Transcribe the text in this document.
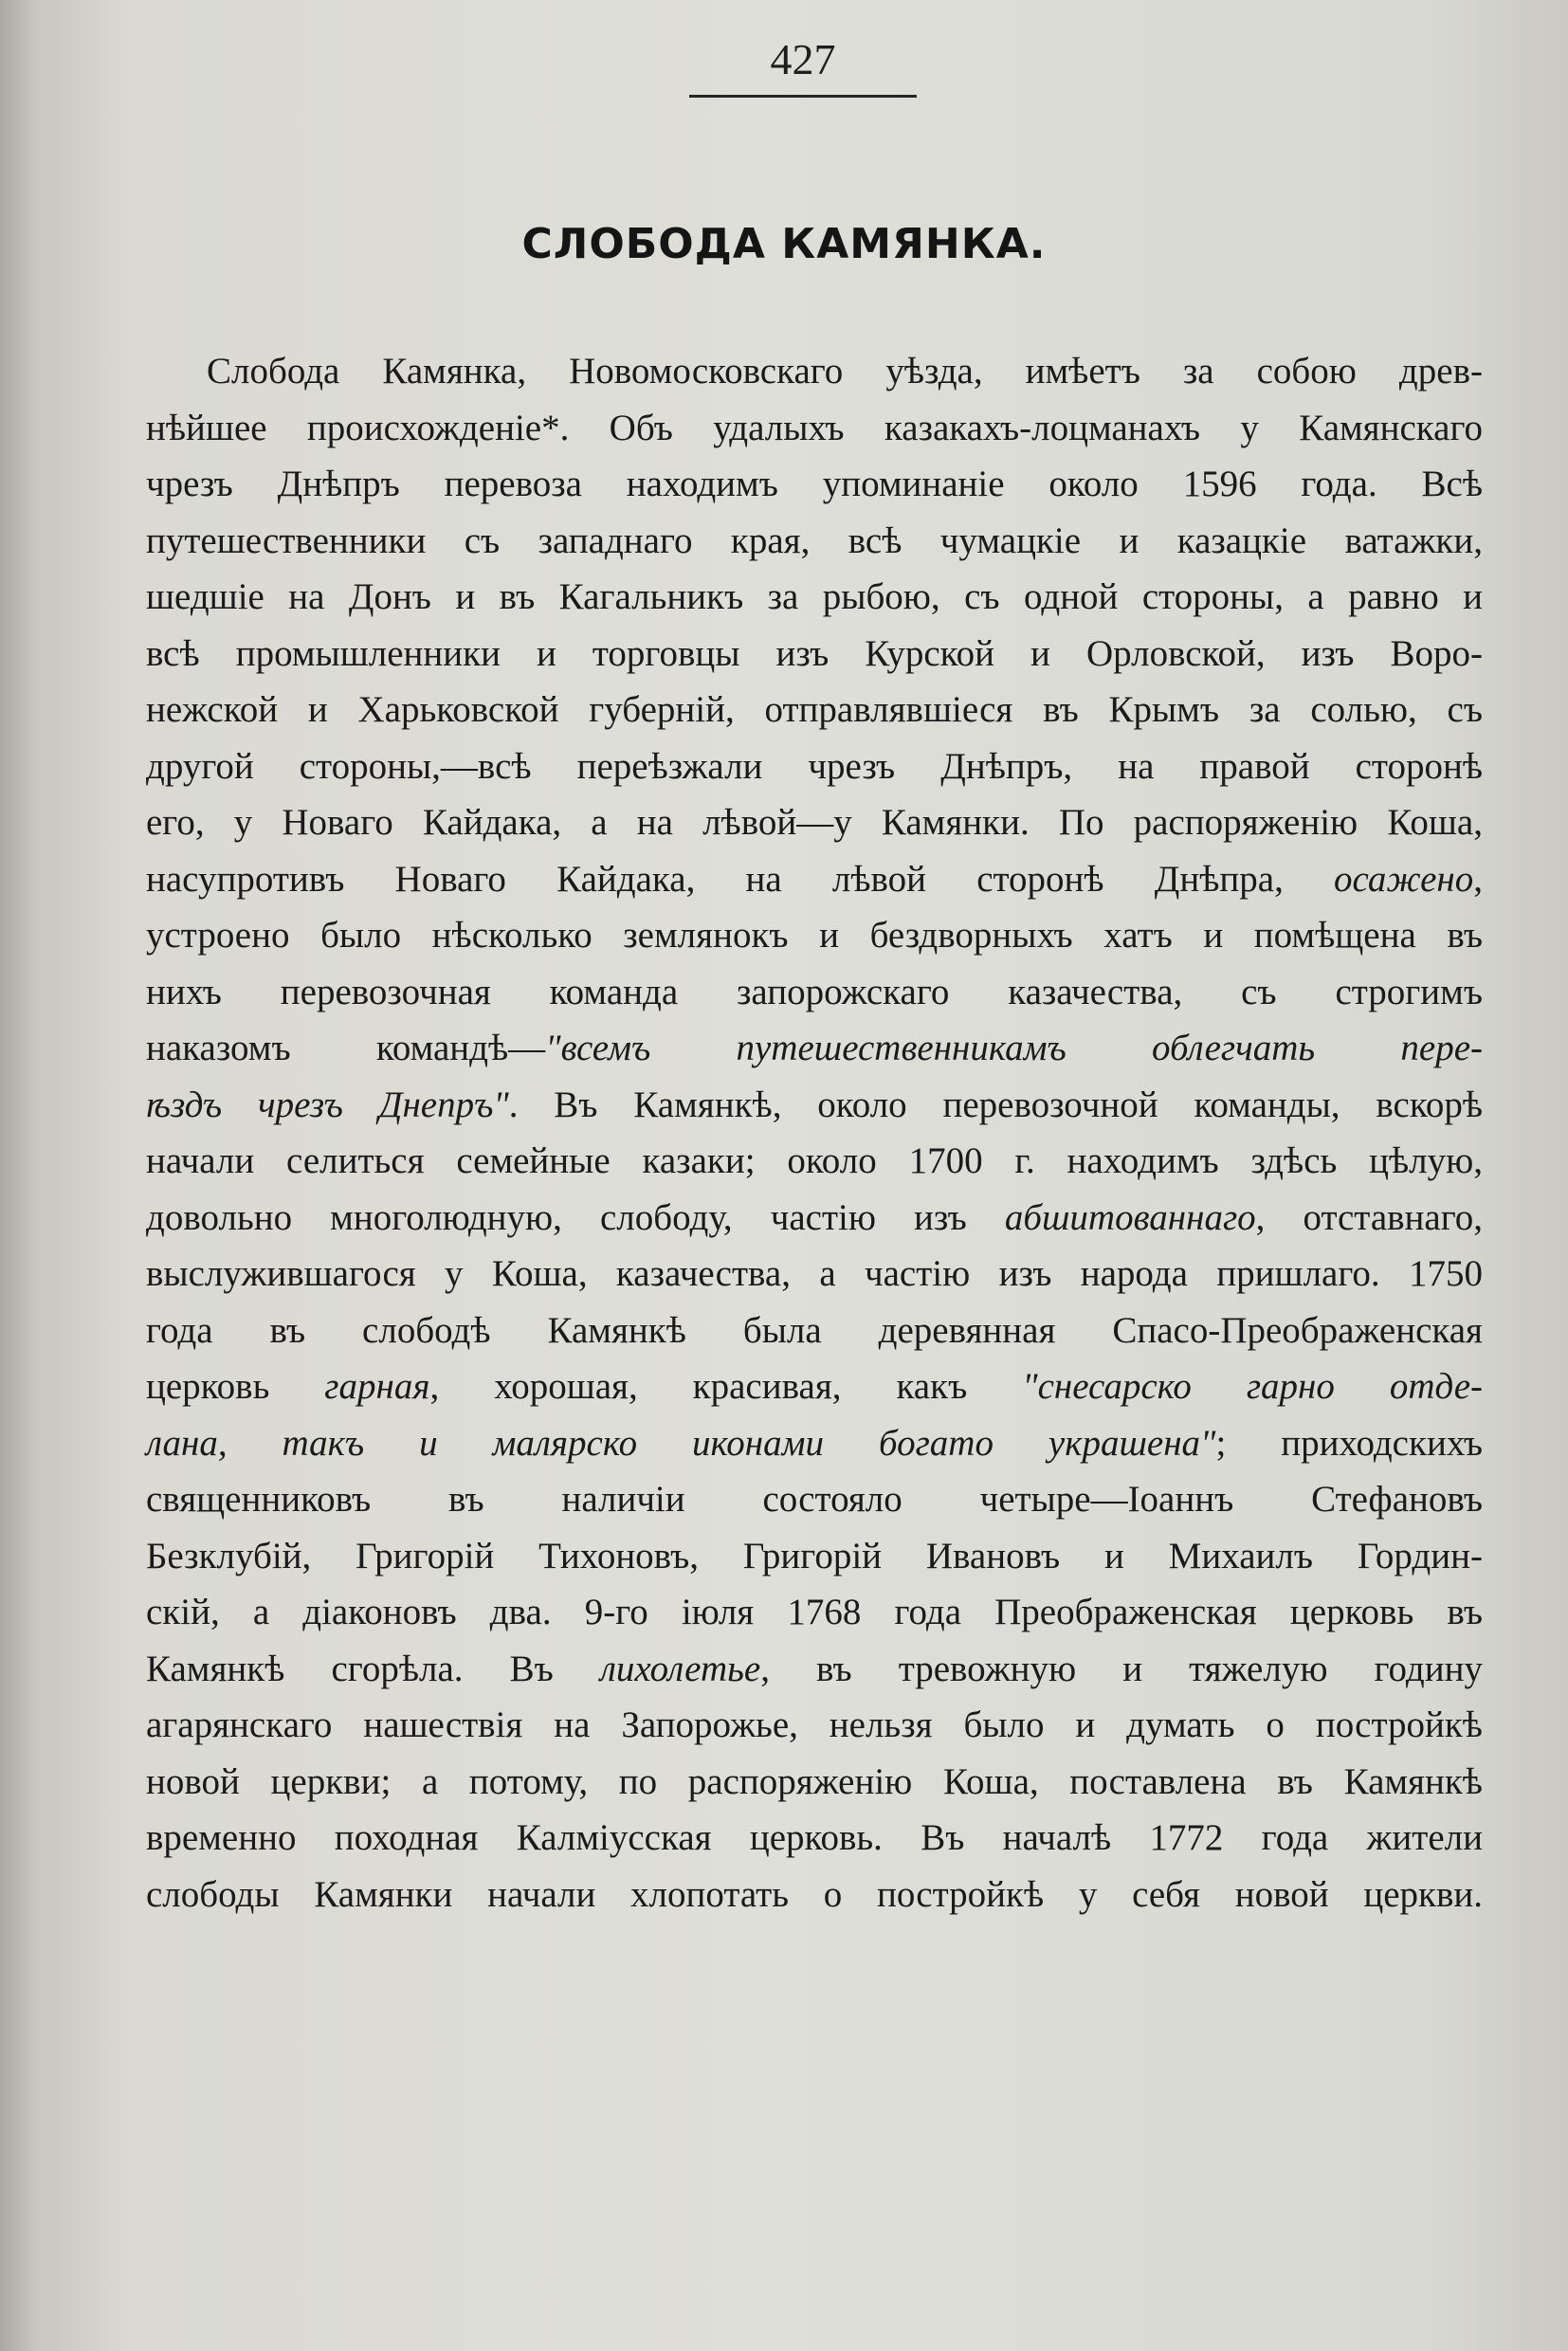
427
СЛОБОДА КАМЯНКА.
Слобода Камянка, Новомосковскаго уѣзда, имѣетъ за собою древ-
нѣйшее происхожденіе*. Объ удалыхъ казакахъ-лоцманахъ у Камянскаго
чрезъ Днѣпръ перевоза находимъ упоминаніе около 1596 года. Всѣ
путешественники съ западнаго края, всѣ чумацкіе и казацкіе ватажки,
шедшіе на Донъ и въ Кагальникъ за рыбою, съ одной стороны, а равно и
всѣ промышленники и торговцы изъ Курской и Орловской, изъ Воро-
нежской и Харьковской губерній, отправлявшіеся въ Крымъ за солью, съ
другой стороны,—всѣ переѣзжали чрезъ Днѣпръ, на правой сторонѣ
его, у Новаго Кайдака, а на лѣвой—у Камянки. По распоряженію Коша,
насупротивъ Новаго Кайдака, на лѣвой сторонѣ Днѣпра, осажено,
устроено было нѣсколько землянокъ и бездворныхъ хатъ и помѣщена въ
нихъ перевозочная команда запорожскаго казачества, съ строгимъ
наказомъ командѣ—"всемъ путешественникамъ облегчать пере-
ѣздъ чрезъ Днепръ". Въ Камянкѣ, около перевозочной команды, вскорѣ
начали селиться семейные казаки; около 1700 г. находимъ здѣсь цѣлую,
довольно многолюдную, слободу, частію изъ абшитованнаго, отставнаго,
выслужившагося у Коша, казачества, а частію изъ народа пришлаго. 1750
года въ слободѣ Камянкѣ была деревянная Спасо-Преображенская
церковь гарная, хорошая, красивая, какъ "снесарско гарно отде-
лана, такъ и малярско иконами богато украшена"; приходскихъ
священниковъ въ наличіи состояло четыре—Іоаннъ Стефановъ
Безклубій, Григорій Тихоновъ, Григорій Ивановъ и Михаилъ Гордин-
скій, а діаконовъ два. 9-го іюля 1768 года Преображенская церковь въ
Камянкѣ сгорѣла. Въ лихолетье, въ тревожную и тяжелую годину
агарянскаго нашествія на Запорожье, нельзя было и думать о постройкѣ
новой церкви; а потому, по распоряженію Коша, поставлена въ Камянкѣ
временно походная Калміусская церковь. Въ началѣ 1772 года жители
слободы Камянки начали хлопотать о постройкѣ у себя новой церкви.
